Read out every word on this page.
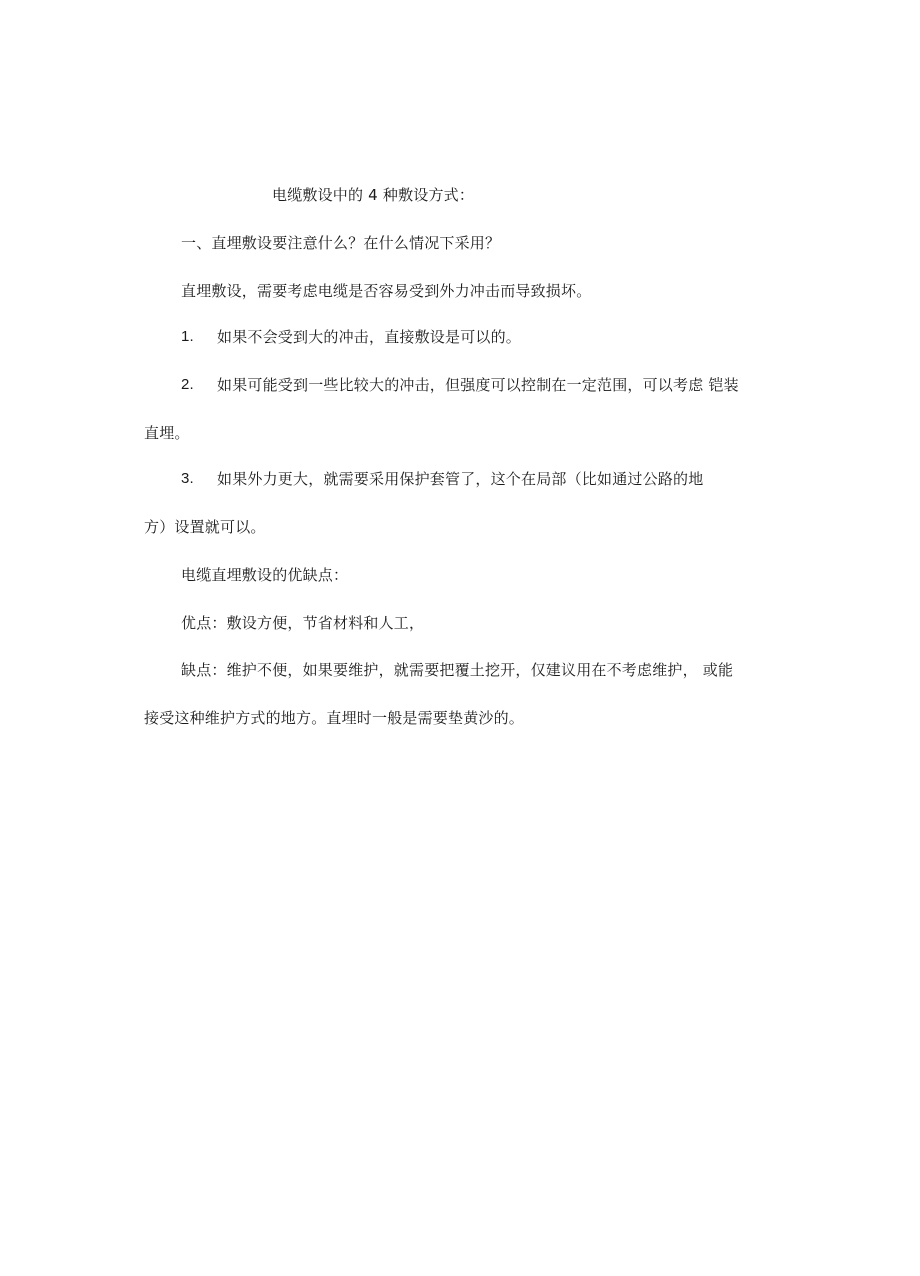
电缆敷设中的 4 种敷设方式：
一、直埋敷设要注意什么？在什么情况下采用？
直埋敷设，需要考虑电缆是否容易受到外力冲击而导致损坏。
1. 如果不会受到大的冲击，直接敷设是可以的。
2. 如果可能受到一些比较大的冲击，但强度可以控制在一定范围，可以考虑 铠装
直埋。
3. 如果外力更大，就需要采用保护套管了，这个在局部（比如通过公路的地
方）设置就可以。
电缆直埋敷设的优缺点：
优点：敷设方便，节省材料和人工，
缺点：维护不便，如果要维护，就需要把覆土挖开，仅建议用在不考虑维护， 或能
接受这种维护方式的地方。直埋时一般是需要垫黄沙的。
